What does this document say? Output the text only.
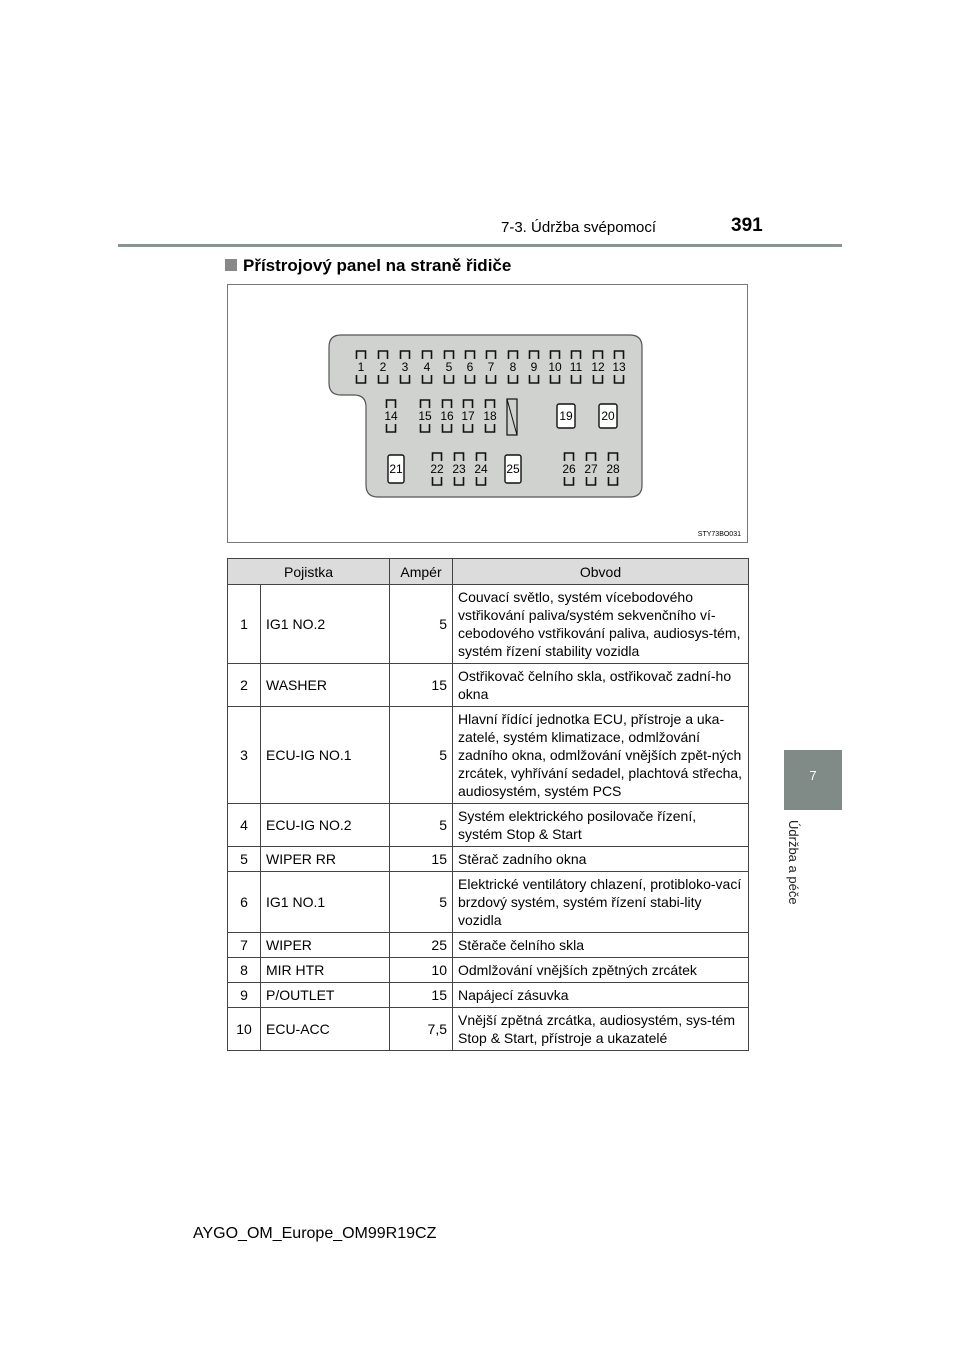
7-3. Údržba svépomocí	391
7
Údržba a péče
Přístrojový panel na straně řidiče
1 2 3 4 5 6 7 8 9 10 11 12 13
14 15 16 17 18	19 20
21 22 23 24 25	26 27 28
STY73BO031
Pojistka		Ampér	Obvod
1	IG1 NO.2	5	Couvací světlo, systém vícebodového vstřikování paliva/systém sekvenčního ví-cebodového vstřikování paliva, audiosys-tém, systém řízení stability vozidla
2	WASHER	15	Ostřikovač čelního skla, ostřikovač zadní-ho okna
3	ECU-IG NO.1	5	Hlavní řídící jednotka ECU, přístroje a uka-zatelé, systém klimatizace, odmlžování zadního okna, odmlžování vnějších zpět-ných zrcátek, vyhřívání sedadel, plachtová střecha, audiosystém, systém PCS
4	ECU-IG NO.2	5	Systém elektrického posilovače řízení, systém Stop & Start
5	WIPER RR	15	Stěrač zadního okna
6	IG1 NO.1	5	Elektrické ventilátory chlazení, protibloko-vací brzdový systém, systém řízení stabi-lity vozidla
7	WIPER	25	Stěrače čelního skla
8	MIR HTR	10	Odmlžování vnějších zpětných zrcátek
9	P/OUTLET	15	Napájecí zásuvka
10	ECU-ACC	7,5	Vnější zpětná zrcátka, audiosystém, sys-tém Stop & Start, přístroje a ukazatelé
AYGO_OM_Europe_OM99R19CZ
